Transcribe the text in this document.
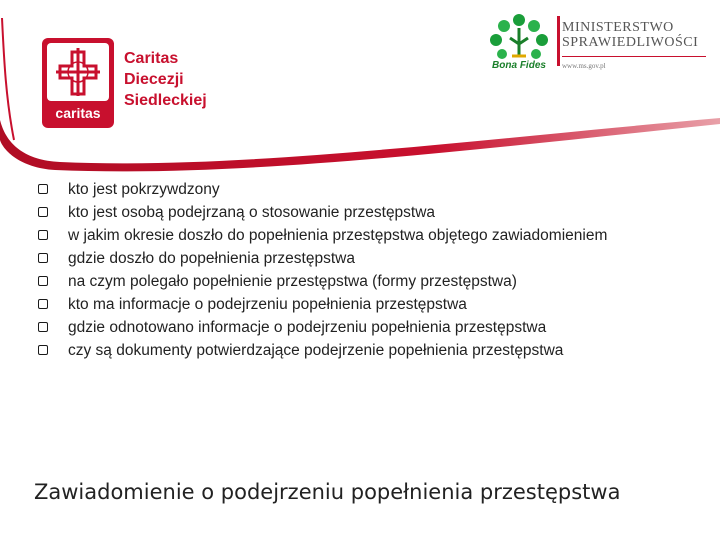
caritas
Caritas
Diecezji
Siedleckiej
Bona Fides
MINISTERSTWO
SPRAWIEDLIWOŚCI
www.ms.gov.pl
kto jest pokrzywdzony
kto jest osobą podejrzaną o stosowanie przestępstwa
w jakim okresie doszło do popełnienia przestępstwa objętego zawiadomieniem
gdzie doszło do popełnienia przestępstwa
na czym polegało popełnienie przestępstwa (formy przestępstwa)
kto ma informacje o podejrzeniu popełnienia przestępstwa
gdzie odnotowano informacje o podejrzeniu popełnienia przestępstwa
czy są dokumenty potwierdzające podejrzenie popełnienia przestępstwa
Zawiadomienie o podejrzeniu popełnienia przestępstwa
